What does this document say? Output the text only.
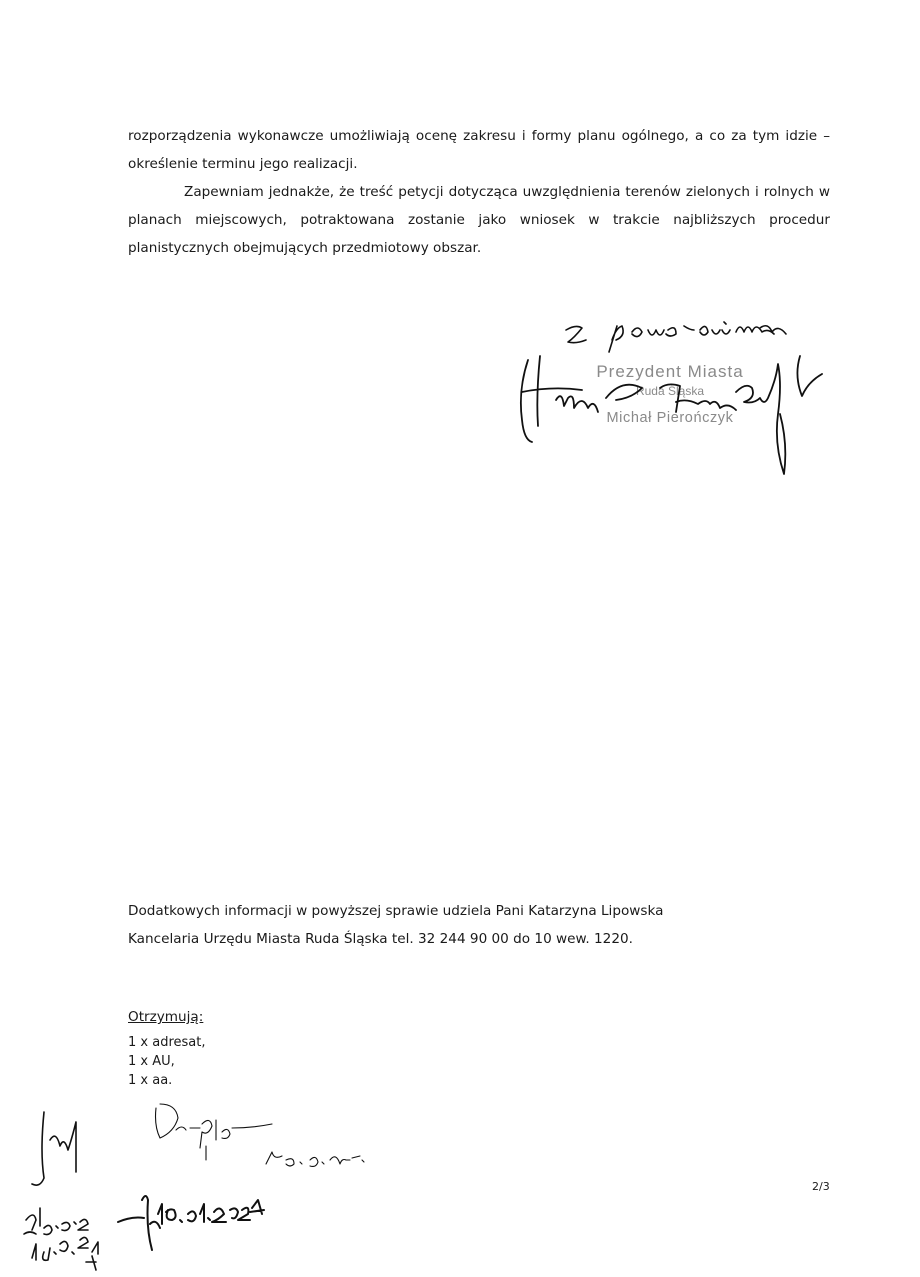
rozporządzenia wykonawcze umożliwiają ocenę zakresu i formy planu ogólnego, a co za tym idzie – określenie terminu jego realizacji.

Zapewniam jednakże, że treść petycji dotycząca uwzględnienia terenów zielonych i rolnych w planach miejscowych, potraktowana zostanie jako wniosek w trakcie najbliższych procedur planistycznych obejmujących przedmiotowy obszar.

Prezydent Miasta
Ruda Śląska
Michał Pierończyk
Dodatkowych informacji w powyższej sprawie udziela Pani Katarzyna Lipowska
Kancelaria Urzędu Miasta Ruda Śląska tel. 32 244 90 00 do 10 wew. 1220.
Otrzymują:
1 x adresat,
1 x AU,
1 x aa.
2/3
